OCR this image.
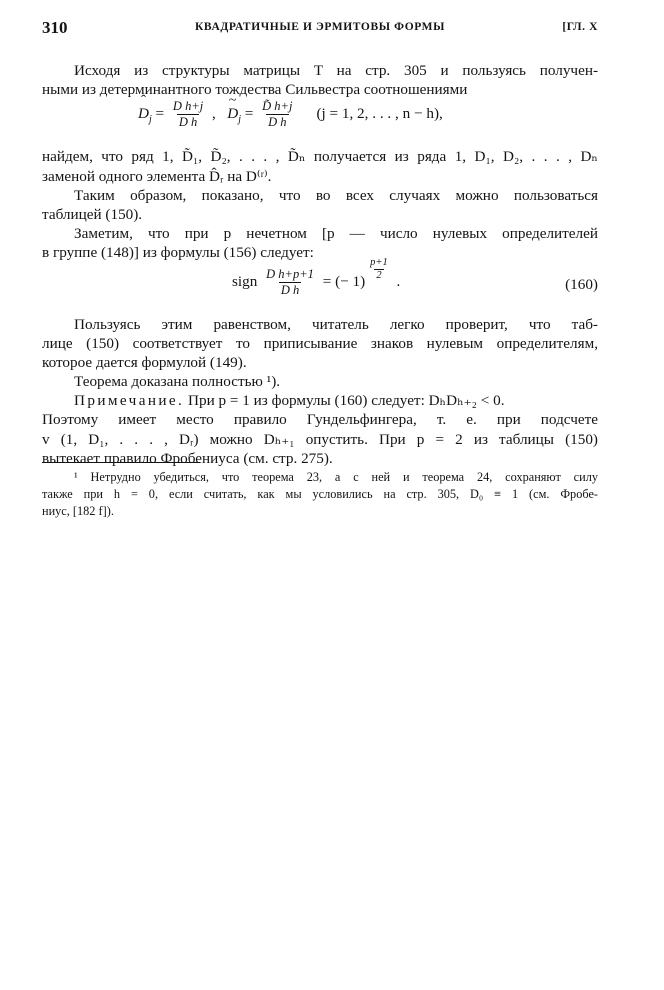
310	КВАДРАТИЧНЫЕ И ЭРМИТОВЫ ФОРМЫ	[ГЛ. X
Исходя из структуры матрицы T на стр. 305 и пользуясь получен-
ными из детерминантного тождества Сильвестра соотношениями
ˆ $D_j = \frac{\text{D h+j}}{\text{D h}}$ ,   ~ $D_j = \frac{D̃ h+j}{\text{D h}} (j = 1$, 2, . . . , n − h),
найдем, что ряд 1, D̃₁, D̃₂, . . . , D̃ₙ получается из ряда 1, D₁, D₂, . . . , Dₙ
заменой одного элемента D̂ᵣ на D⁽ʳ⁾.
Таким образом, показано, что во всех случаях можно пользоваться
таблицей (150).
Заметим, что при p нечетном [p — число нулевых определителей
в группе (148)] из формулы (156) следует:
sign $\frac{\text{D h+p+1}}{\text{D h}}$ = (− $1) \frac{p+1}{2}$ .	(160)
Пользуясь этим равенством, читатель легко проверит, что таб-
лице (150) соответствует то приписывание знаков нулевым определителям,
которое дается формулой (149).
Теорема доказана полностью ¹).
Примечание. При p = 1 из формулы (160) следует: DₕDₕ₊₂ < 0.
Поэтому имеет место правило Гундельфингера, т. е. при подсчете
v (1, D₁, . . . , Dᵣ) можно Dₕ₊₁ опустить. При p = 2 из таблицы (150)
вытекает правило Фробениуса (см. стр. 275).
¹ Нетрудно убедиться, что теорема 23, а с ней и теорема 24, сохраняют силу
также при h = 0, если считать, как мы условились на стр. 305, D₀ ≡ 1 (см. Фробе-
ниус, [182 f]).
